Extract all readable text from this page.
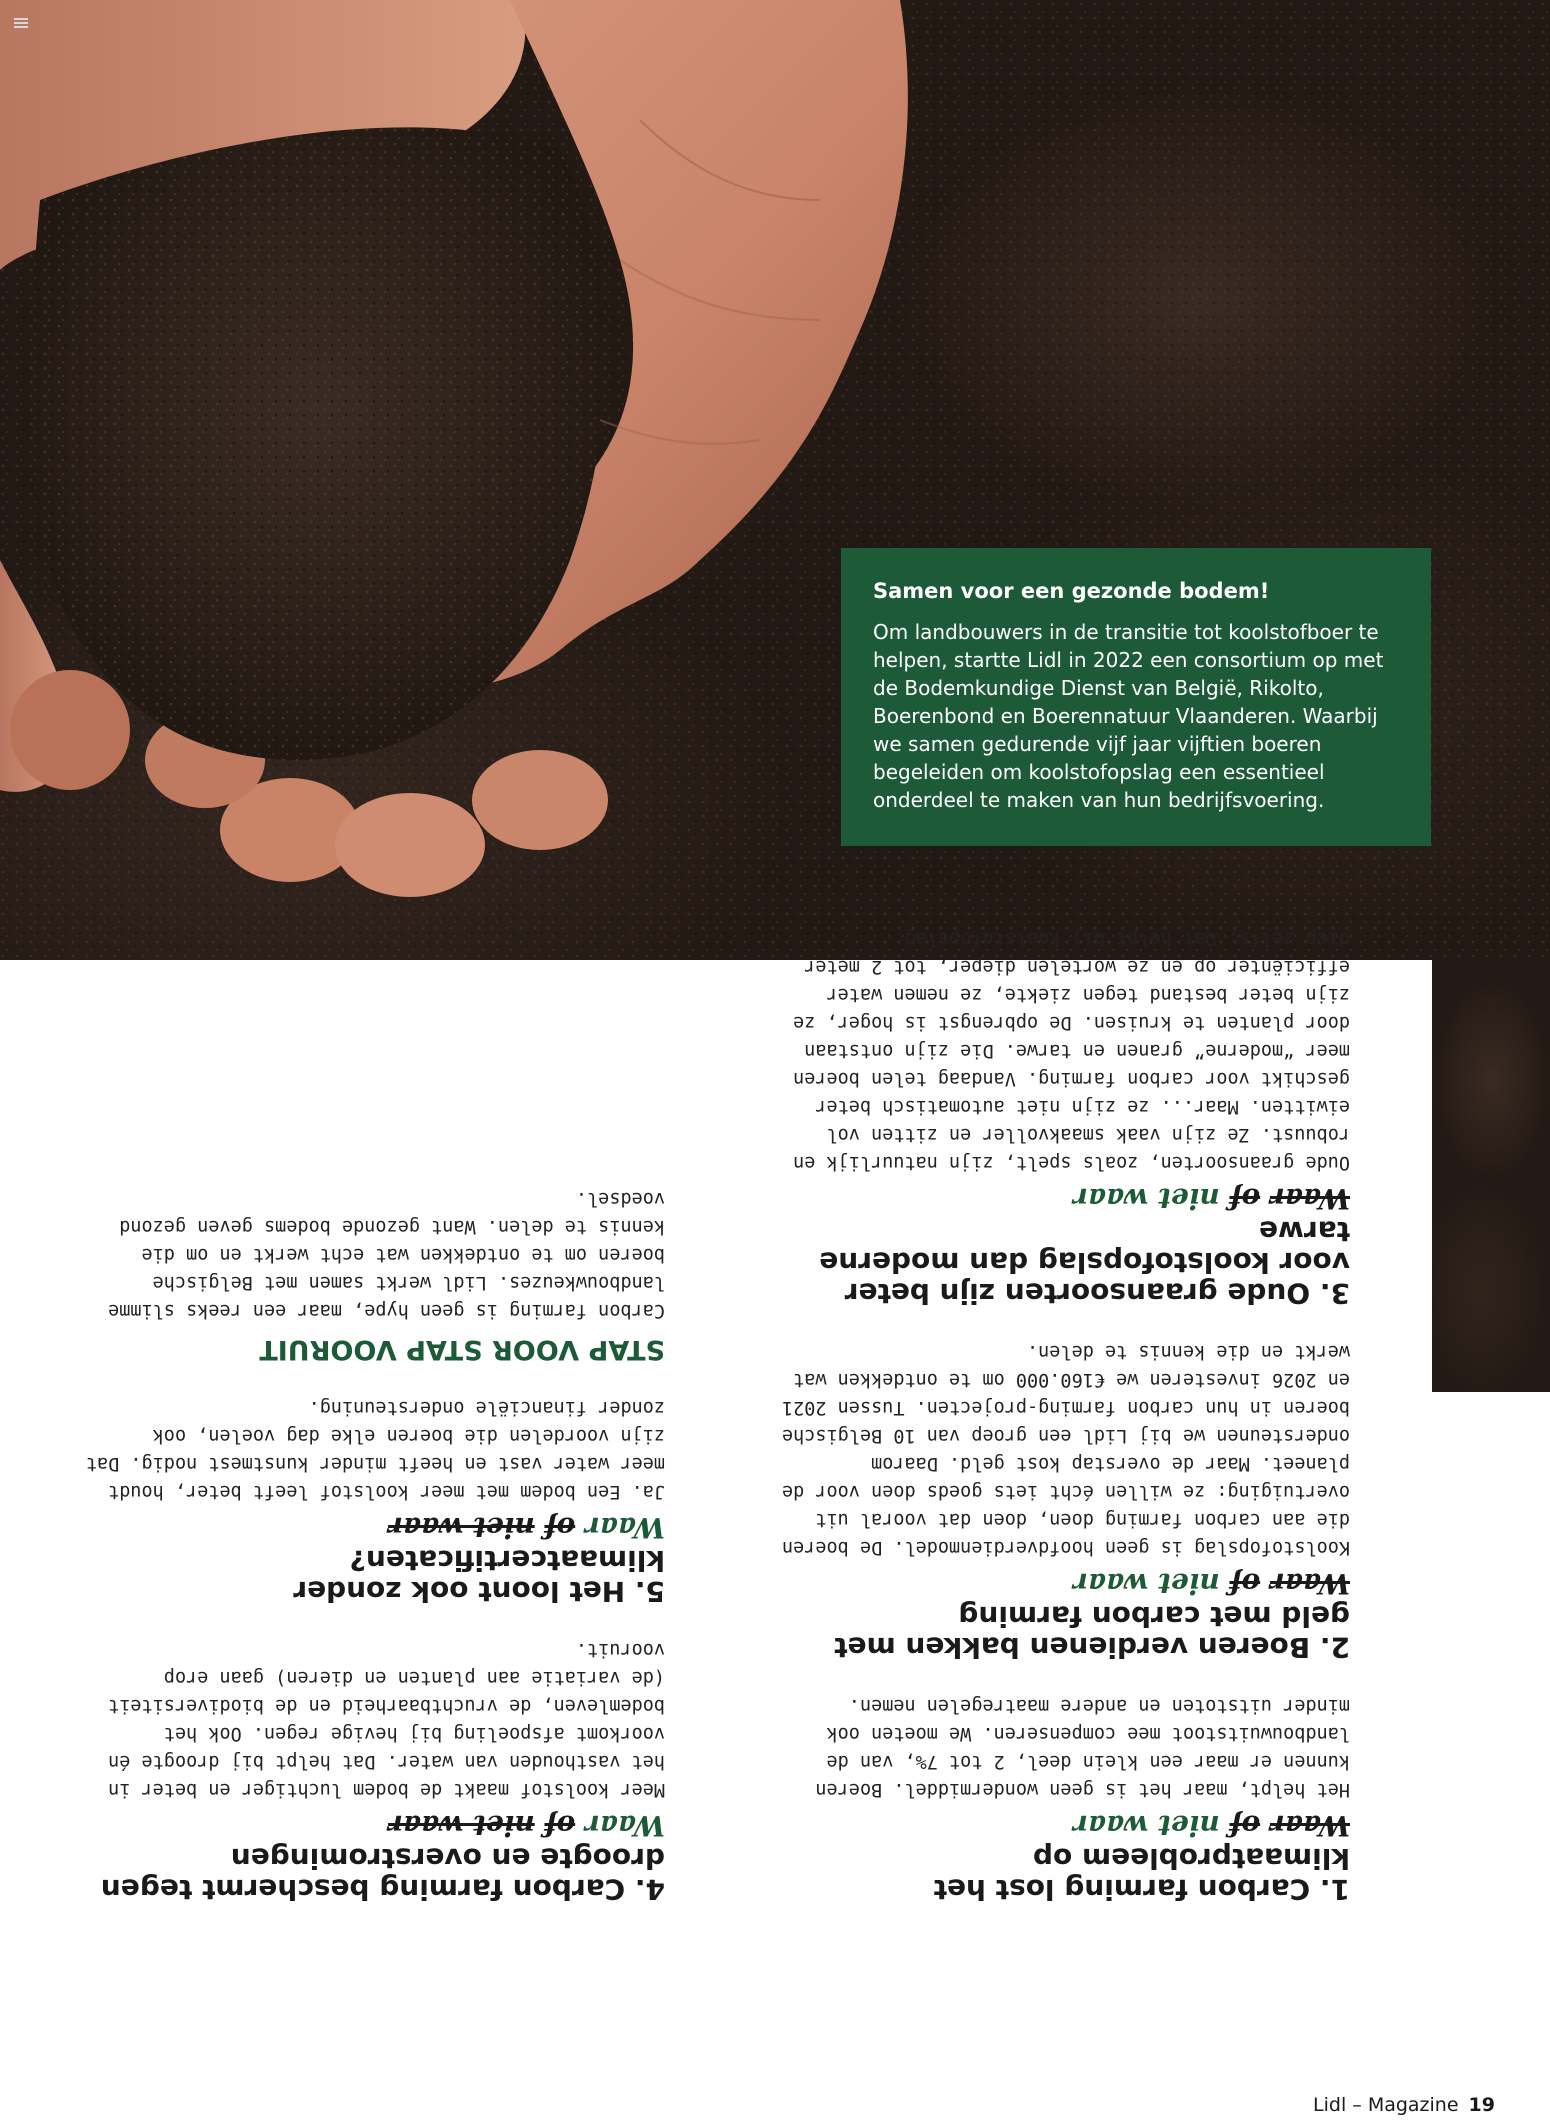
Samen voor een gezonde bodem!

Om landbouwers in de transitie tot koolstofboer te helpen, startte Lidl in 2022 een consortium op met de Bodemkundige Dienst van België, Rikolto, Boerenbond en Boerennatuur Vlaanderen. Waarbij we samen gedurende vijf jaar vijftien boeren begeleiden om koolstofopslag een essentieel onderdeel te maken van hun bedrijfsvoering.

1. Carbon farming lost het klimaatprobleem op
Waar of niet waar

Het helpt, maar het is geen wondermiddel. Boeren kunnen er maar een klein deel, 2 tot 7%, van de landbouwuitstoot mee compenseren. We moeten ook minder uitstoten en andere maatregelen nemen.

2. Boeren verdienen bakken met geld met carbon farming
Waar of niet waar

Koolstofopslag is geen hoofdverdienmodel. De boeren die aan carbon farming doen, doen dat vooral uit overtuiging: ze willen écht iets goeds doen voor de planeet. Maar de overstap kost geld. Daarom ondersteunen we bij Lidl een groep van 10 Belgische boeren in hun carbon farming-projecten. Tussen 2021 en 2026 investeren we €160.000 om te ontdekken wat werkt en die kennis te delen.

3. Oude graansoorten zijn beter voor koolstofopslag dan moderne tarwe
Waar of niet waar

Oude graansoorten, zoals spelt, zijn natuurlijk en robuust. Ze zijn vaak smaakvoller en zitten vol eiwitten. Maar... ze zijn niet automatisch beter geschikt voor carbon farming. Vandaag telen boeren meer “moderne” granen en tarwe. Die zijn ontstaan door planten te kruisen. De opbrengst is hoger, ze zijn beter bestand tegen ziekte, ze nemen water efficiënter op en ze wortelen dieper, tot 2 meter diep zelfs. Dat helpt bij koolstofopslag.

4. Carbon farming beschermt tegen droogte en overstromingen
Waar of niet waar

Meer koolstof maakt de bodem luchtiger en beter in het vasthouden van water. Dat helpt bij droogte én voorkomt afspoeling bij hevige regen. Ook het bodemleven, de vruchtbaarheid en de biodiversiteit (de variatie aan planten en dieren) gaan erop vooruit.

5. Het loont ook zonder klimaatcertificaten?
Waar of niet waar

Ja. Een bodem met meer koolstof leeft beter, houdt meer water vast en heeft minder kunstmest nodig. Dat zijn voordelen die boeren elke dag voelen, ook zonder financiële ondersteuning.

STAP VOOR STAP VOORUIT

Carbon farming is geen hype, maar een reeks slimme landbouwkeuzes. Lidl werkt samen met Belgische boeren om te ontdekken wat echt werkt en om die kennis te delen. Want gezonde bodems geven gezond voedsel.

Lidl – Magazine 19
